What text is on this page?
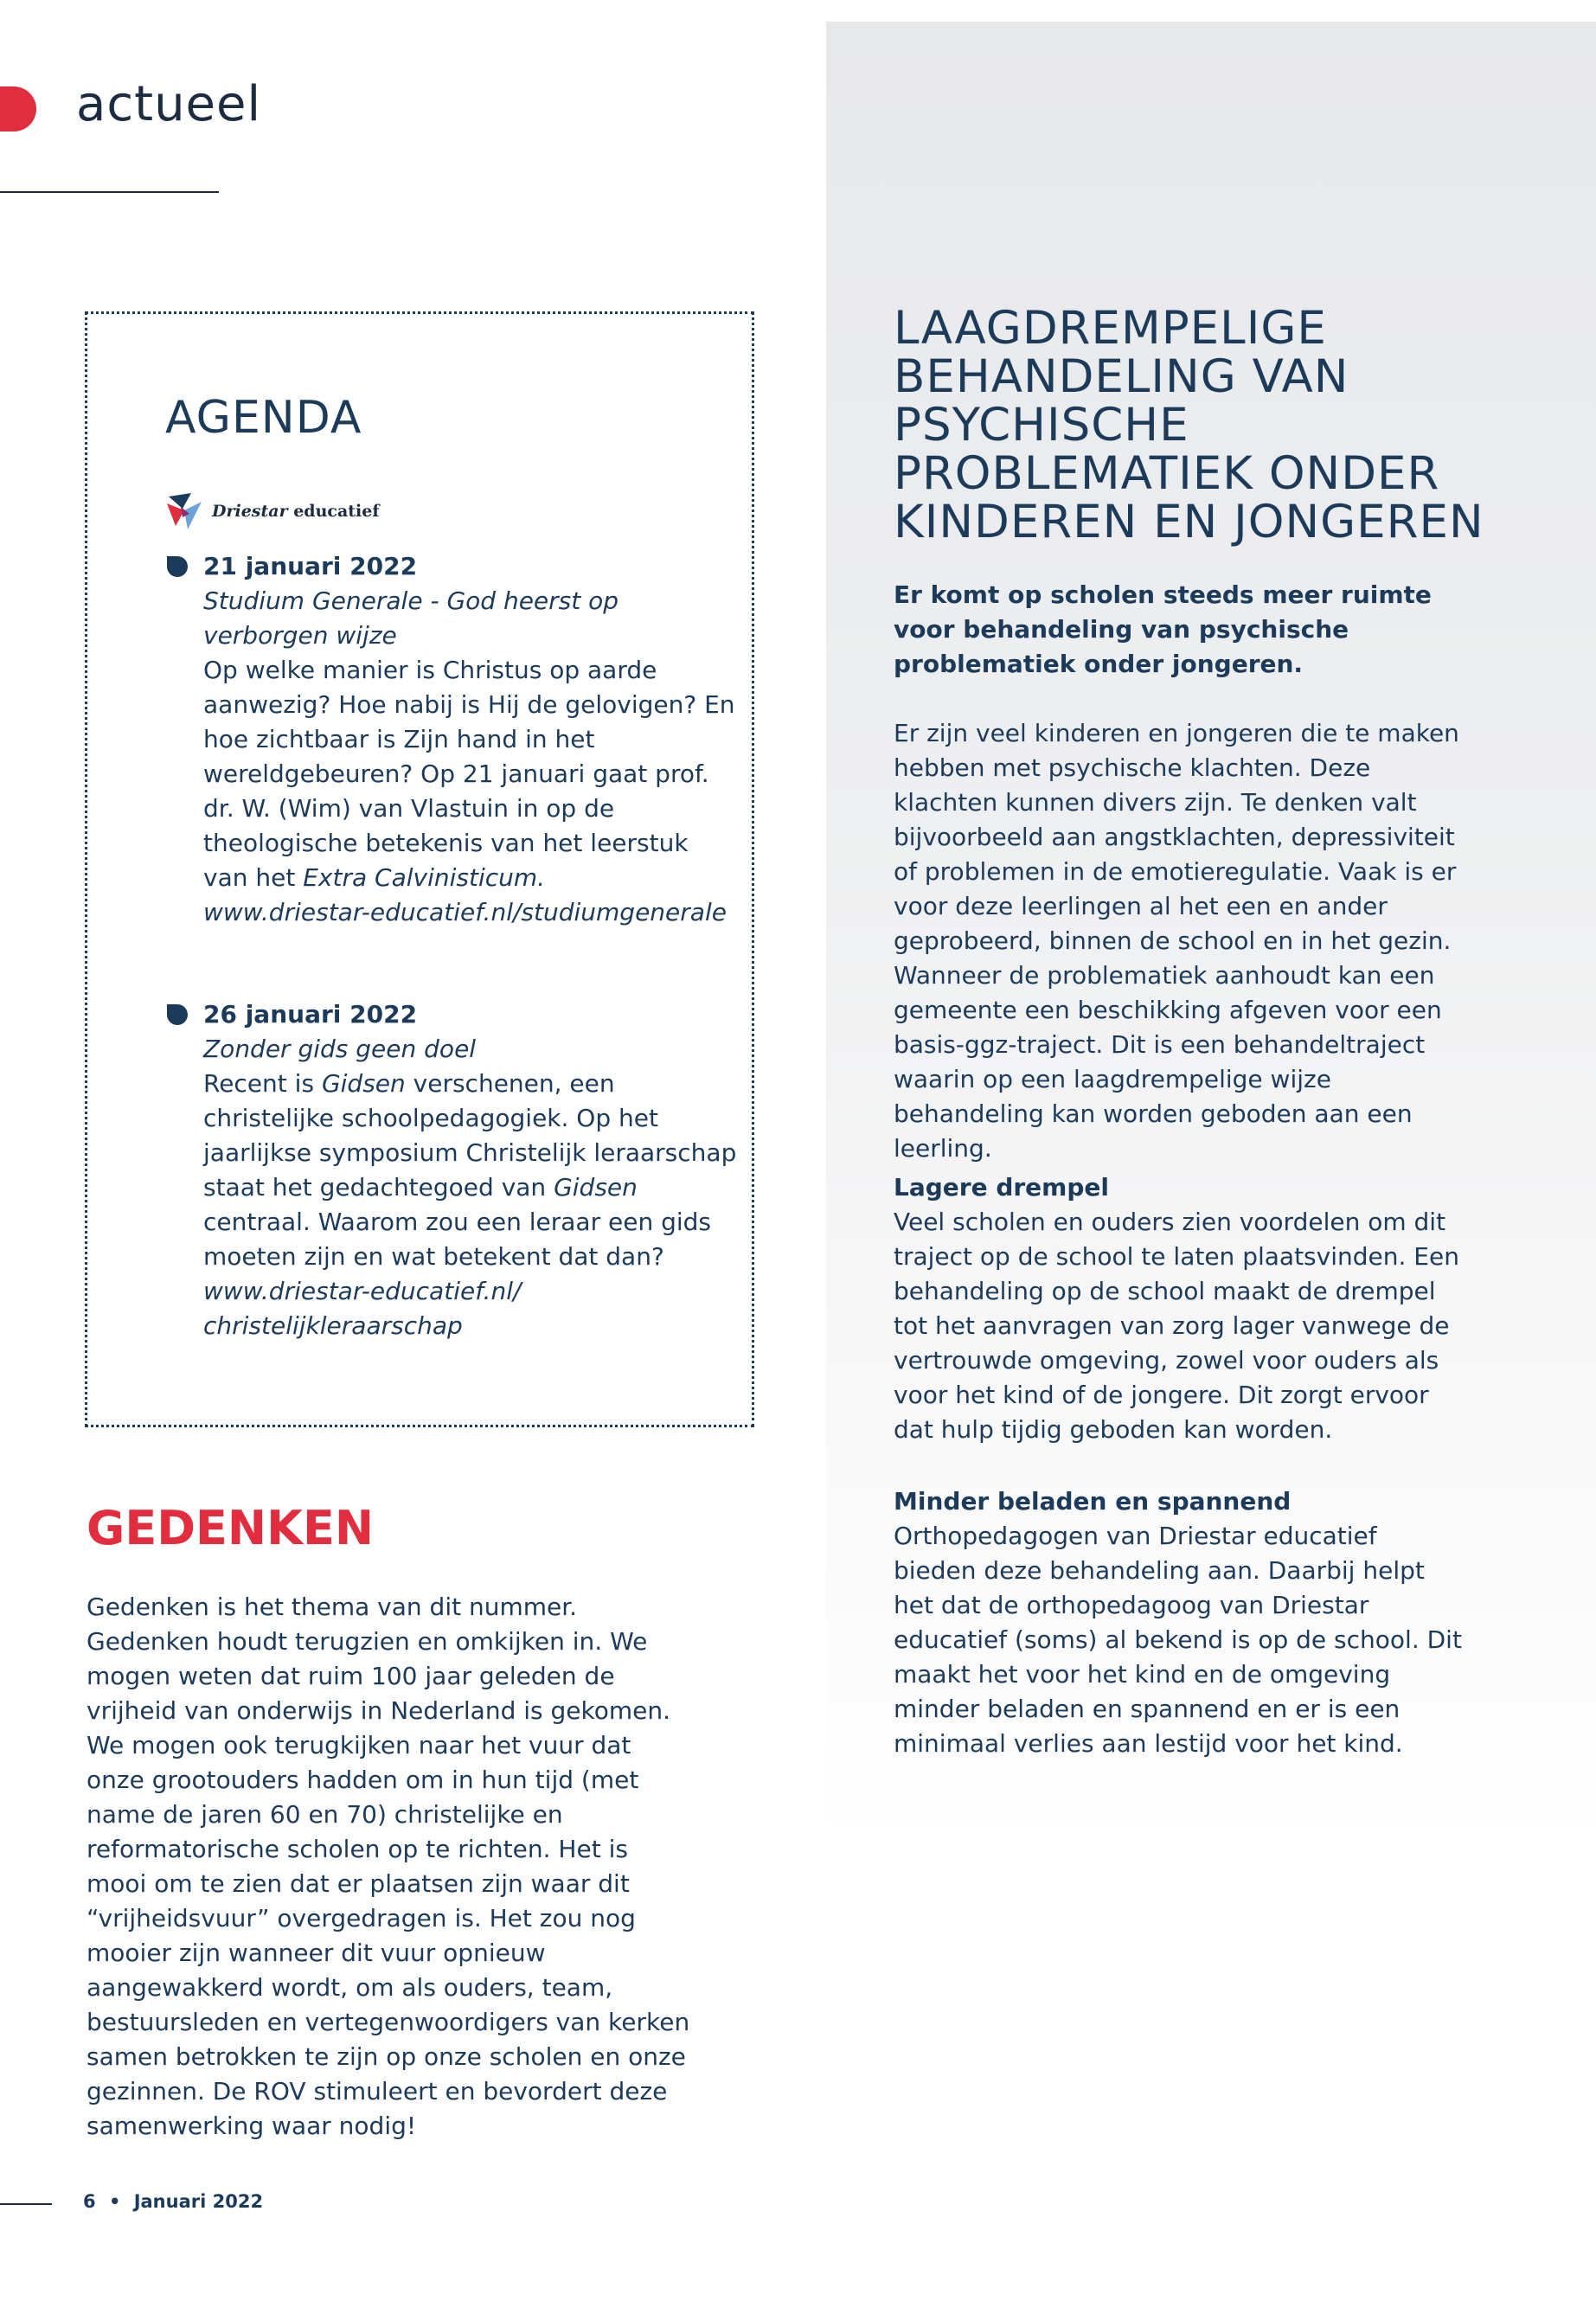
actueel
AGENDA
Driestar educatief

21 januari 2022

Studium Generale - God heerst op verborgen wijze

Op welke manier is Christus op aarde aanwezig? Hoe nabij is Hij de gelovigen? En hoe zichtbaar is Zijn hand in het wereldgebeuren? Op 21 januari gaat prof. dr. W. (Wim) van Vlastuin in op de theologische betekenis van het leerstuk van het Extra Calvinisticum.

www.driestar-educatief.nl/studiumgenerale

26 januari 2022

Zonder gids geen doel

Recent is Gidsen verschenen, een christelijke schoolpedagogiek. Op het jaarlijkse symposium Christelijk leraarschap staat het gedachtegoed van Gidsen centraal. Waarom zou een leraar een gids moeten zijn en wat betekent dat dan?

www.driestar-educatief.nl/ christelijkleraarschap

GEDENKEN

Gedenken is het thema van dit nummer. Gedenken houdt terugzien en omkijken in. We mogen weten dat ruim 100 jaar geleden de vrijheid van onderwijs in Nederland is gekomen. We mogen ook terugkijken naar het vuur dat onze grootouders hadden om in hun tijd (met name de jaren 60 en 70) christelijke en reformatorische scholen op te richten. Het is mooi om te zien dat er plaatsen zijn waar dit “vrijheidsvuur” overgedragen is. Het zou nog mooier zijn wanneer dit vuur opnieuw aangewakkerd wordt, om als ouders, team, bestuursleden en vertegenwoordigers van kerken samen betrokken te zijn op onze scholen en onze gezinnen. De ROV stimuleert en bevordert deze samenwerking waar nodig!

LAAGDREMPELIGE BEHANDELING VAN PSYCHISCHE PROBLEMATIEK ONDER KINDEREN EN JONGEREN

Er komt op scholen steeds meer ruimte voor behandeling van psychische problematiek onder jongeren.

Er zijn veel kinderen en jongeren die te maken hebben met psychische klachten. Deze klachten kunnen divers zijn. Te denken valt bijvoorbeeld aan angstklachten, depressiviteit of problemen in de emotieregulatie. Vaak is er voor deze leerlingen al het een en ander geprobeerd, binnen de school en in het gezin. Wanneer de problematiek aanhoudt kan een gemeente een beschikking afgeven voor een basis-ggz-traject. Dit is een behandeltraject waarin op een laagdrempelige wijze behandeling kan worden geboden aan een leerling.

Lagere drempel
Veel scholen en ouders zien voordelen om dit traject op de school te laten plaatsvinden. Een behandeling op de school maakt de drempel tot het aanvragen van zorg lager vanwege de vertrouwde omgeving, zowel voor ouders als voor het kind of de jongere. Dit zorgt ervoor dat hulp tijdig geboden kan worden.

Minder beladen en spannend
Orthopedagogen van Driestar educatief bieden deze behandeling aan. Daarbij helpt het dat de orthopedagoog van Driestar educatief (soms) al bekend is op de school. Dit maakt het voor het kind en de omgeving minder beladen en spannend en er is een minimaal verlies aan lestijd voor het kind.

6 • Januari 2022
